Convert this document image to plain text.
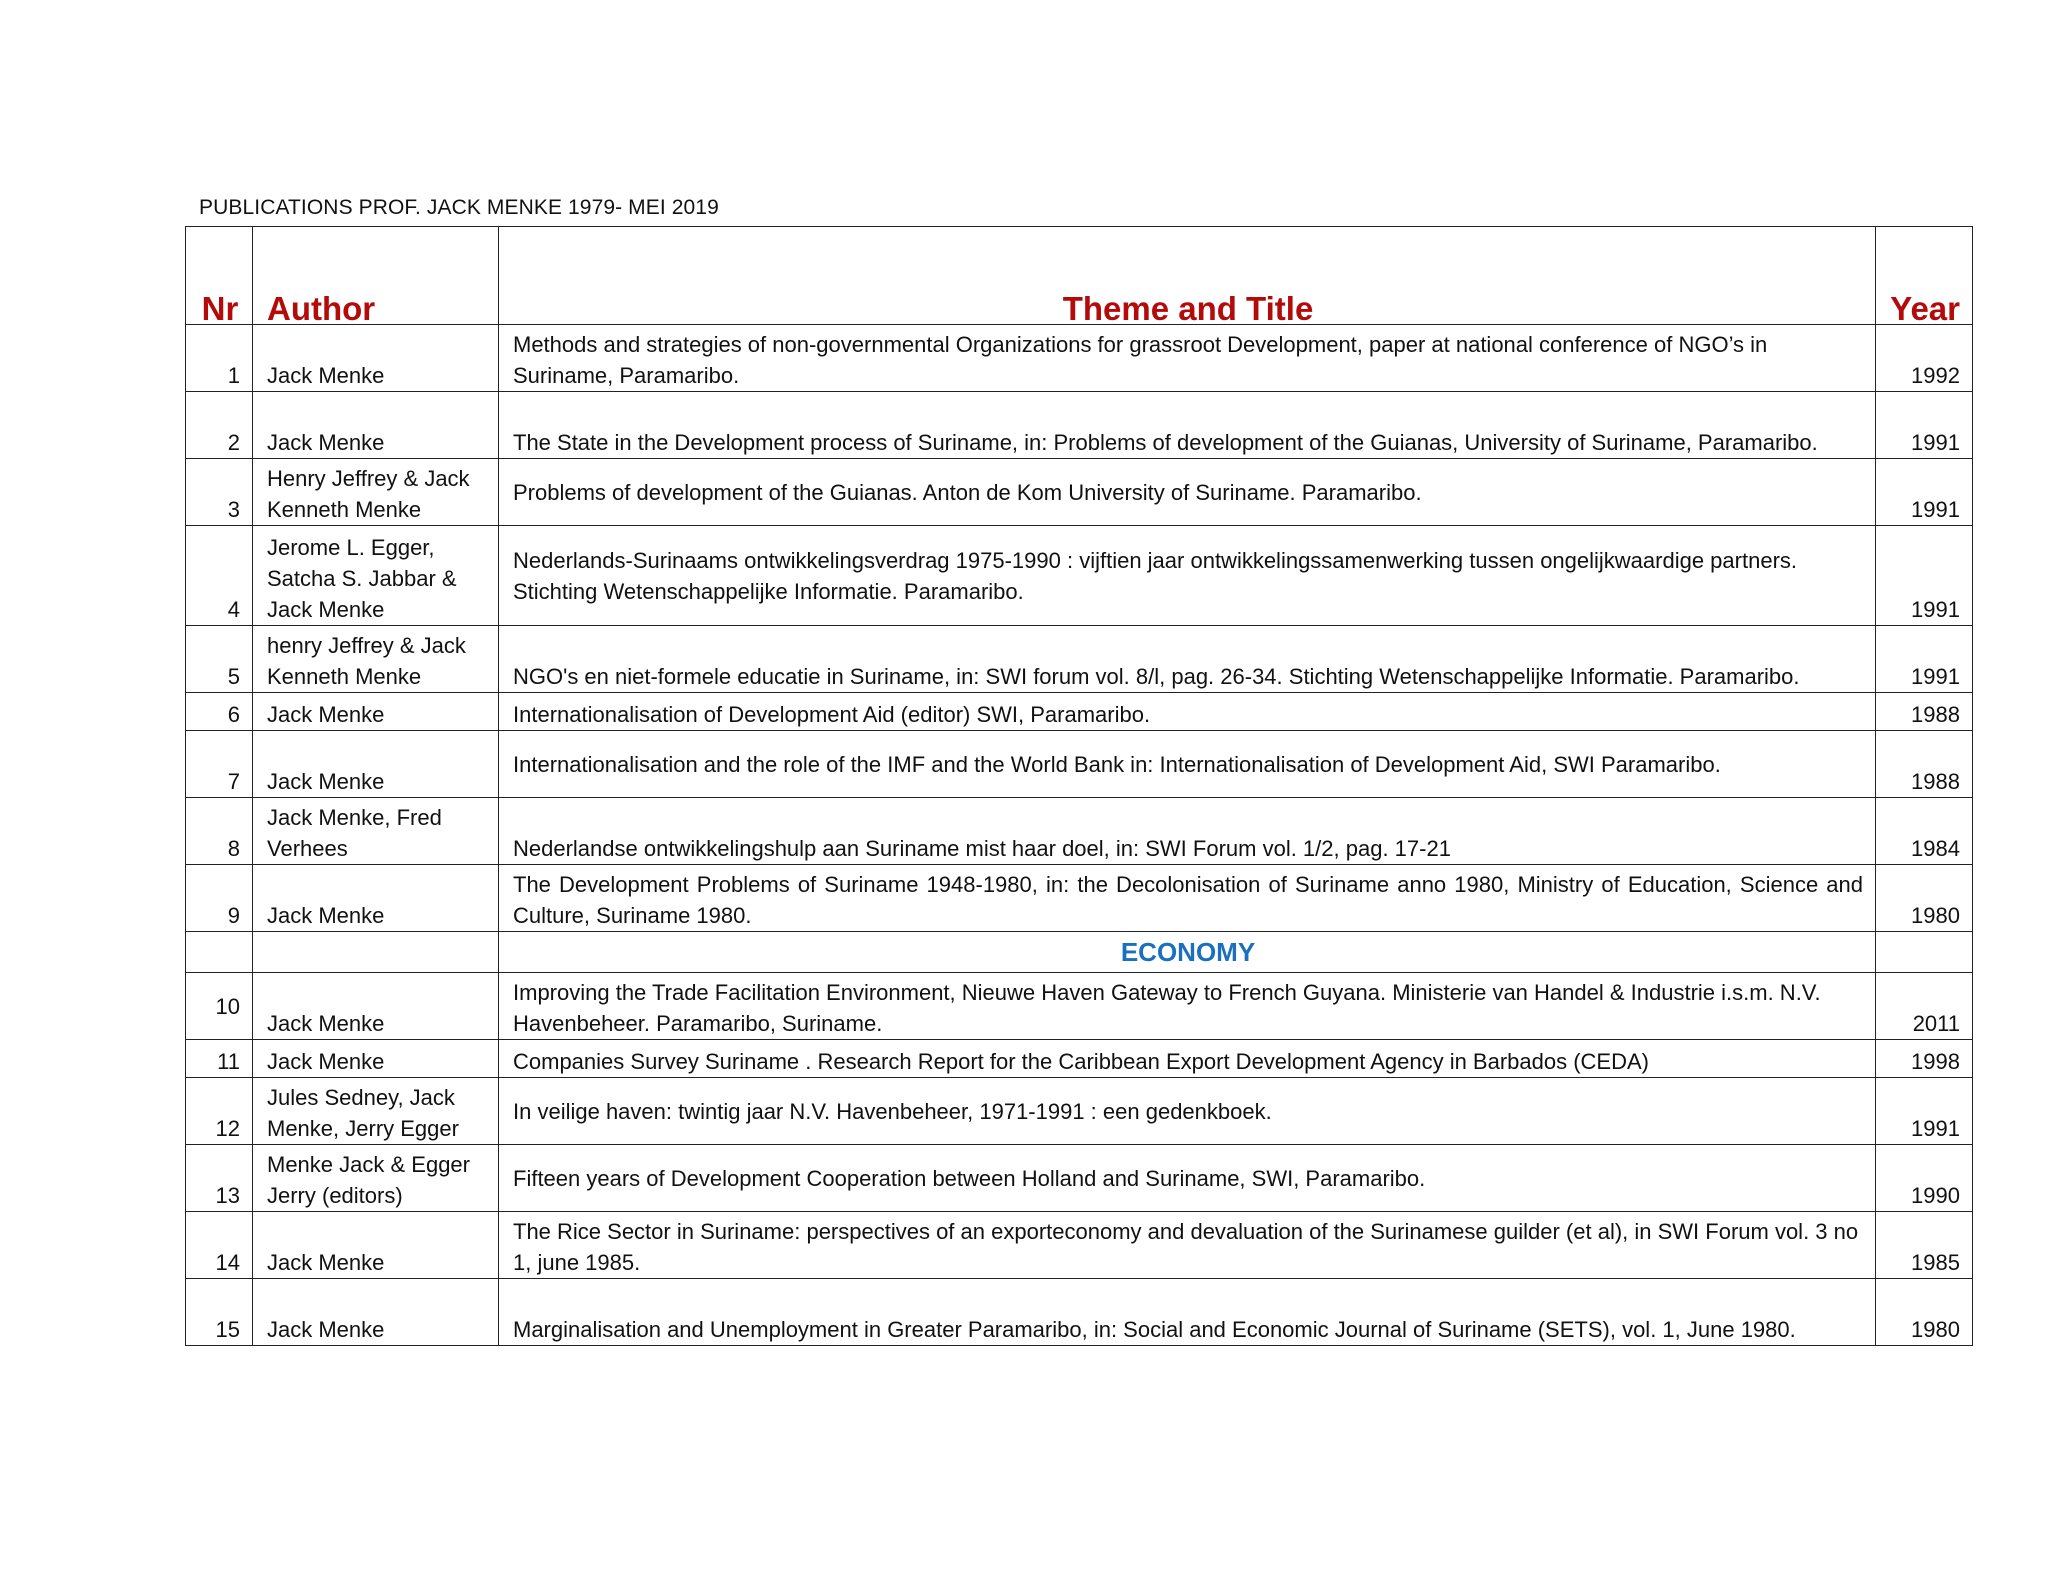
PUBLICATIONS PROF. JACK MENKE 1979- MEI 2019
Nr	Author	Theme and Title	Year
1	Jack Menke	Methods and strategies of non-governmental Organizations for grassroot Development, paper at national conference of NGO’s in Suriname, Paramaribo.	1992
2	Jack Menke	The State in the Development process of Suriname, in: Problems of development of the Guianas, University of Suriname, Paramaribo.	1991
3	Henry Jeffrey & Jack Kenneth Menke	Problems of development of the Guianas. Anton de Kom University of Suriname. Paramaribo.	1991
4	Jerome L. Egger, Satcha S. Jabbar & Jack Menke	Nederlands-Surinaams ontwikkelingsverdrag 1975-1990 : vijftien jaar ontwikkelingssamenwerking tussen ongelijkwaardige partners. Stichting Wetenschappelijke Informatie. Paramaribo.	1991
5	henry Jeffrey & Jack Kenneth Menke	NGO's en niet-formele educatie in Suriname, in: SWI forum vol. 8/l, pag. 26-34. Stichting Wetenschappelijke Informatie. Paramaribo.	1991
6	Jack Menke	Internationalisation of Development Aid (editor) SWI, Paramaribo.	1988
7	Jack Menke	Internationalisation and the role of the IMF and the World Bank in: Internationalisation of Development Aid, SWI Paramaribo.	1988
8	Jack Menke, Fred Verhees	Nederlandse ontwikkelingshulp aan Suriname mist haar doel, in: SWI Forum vol. 1/2, pag. 17-21	1984
9	Jack Menke	The Development Problems of Suriname 1948-1980, in: the Decolonisation of Suriname anno 1980, Ministry of Education, Science and Culture, Suriname 1980.	1980
		ECONOMY	
10	Jack Menke	Improving the Trade Facilitation Environment, Nieuwe Haven Gateway to French Guyana. Ministerie van Handel & Industrie i.s.m. N.V. Havenbeheer. Paramaribo, Suriname.	2011
11	Jack Menke	Companies Survey Suriname . Research Report for the Caribbean Export Development Agency in Barbados (CEDA)	1998
12	Jules Sedney, Jack Menke, Jerry Egger	In veilige haven: twintig jaar N.V. Havenbeheer, 1971-1991 : een gedenkboek.	1991
13	Menke Jack & Egger Jerry (editors)	Fifteen years of Development Cooperation between Holland and Suriname, SWI, Paramaribo.	1990
14	Jack Menke	The Rice Sector in Suriname: perspectives of an exporteconomy and devaluation of the Surinamese guilder (et al), in SWI Forum vol. 3 no 1, june 1985.	1985
15	Jack Menke	Marginalisation and Unemployment in Greater Paramaribo, in: Social and Economic Journal of Suriname (SETS), vol. 1, June 1980.	1980
